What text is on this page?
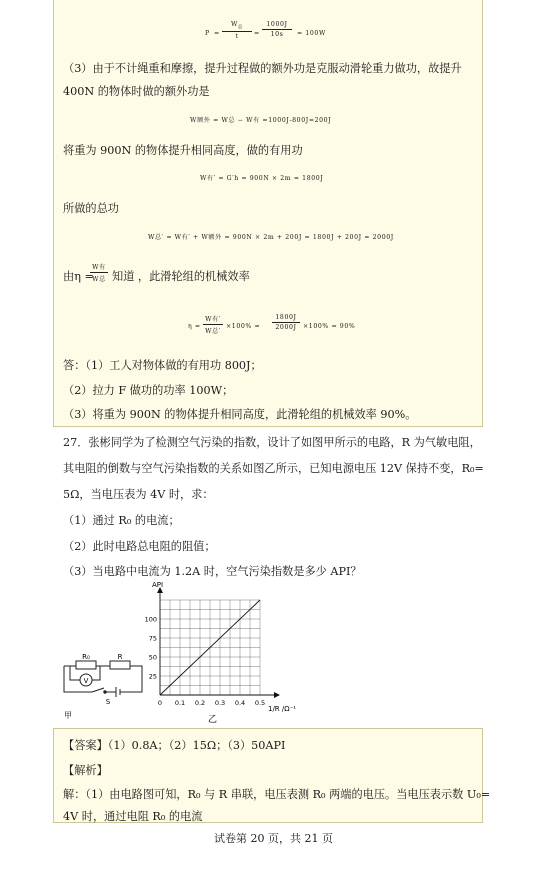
$W_总$
t
P =	=
1000J
10s	= 100W
（3）由于不计绳重和摩擦，提升过程做的额外功是克服动滑轮重力做功，故提升
400N 的物体时做的额外功是
W额外 = W总 − W有 =1000J-800J=200J
将重为 900N 的物体提升相同高度，做的有用功
W有′ = G′h = 900N × 2m = 1800J
所做的总功
W总′ = W有′ + W额外 = 900N × 2m + 200J = 1800J + 200J = 2000J
由η =
W有
W总 知道 ，此滑轮组的机械效率
η =
W有′
W总′
×100% =
1800J
2000J	×100% = 90%
答：（1）工人对物体做的有用功 800J；
（2）拉力 F 做功的功率 100W；
（3）将重为 900N 的物体提升相同高度，此滑轮组的机械效率 90%。
27．张彬同学为了检测空气污染的指数，设计了如图甲所示的电路，R 为气敏电阻，
其电阻的倒数与空气污染指数的关系如图乙所示，已知电源电压 12V 保持不变，R₀=
5Ω，当电压表为 4V 时，求：
（1）通过 R₀ 的电流；
（2）此时电路总电阻的阻值；
（3）当电路中电流为 1.2A 时，空气污染指数是多少 API？
R₀	R
V
S
甲
0 0.1 0.2 0.3 0.4 0.5
25
50
75
100
API
1/R /Ω⁻¹
乙
【答案】（1）0.8A；（2）15Ω；（3）50API
【解析】
解：（1）由电路图可知，R₀ 与 R 串联，电压表测 R₀ 两端的电压。当电压表示数 U₀=
4V 时，通过电阻 R₀ 的电流
试卷第 20 页，共 21 页
